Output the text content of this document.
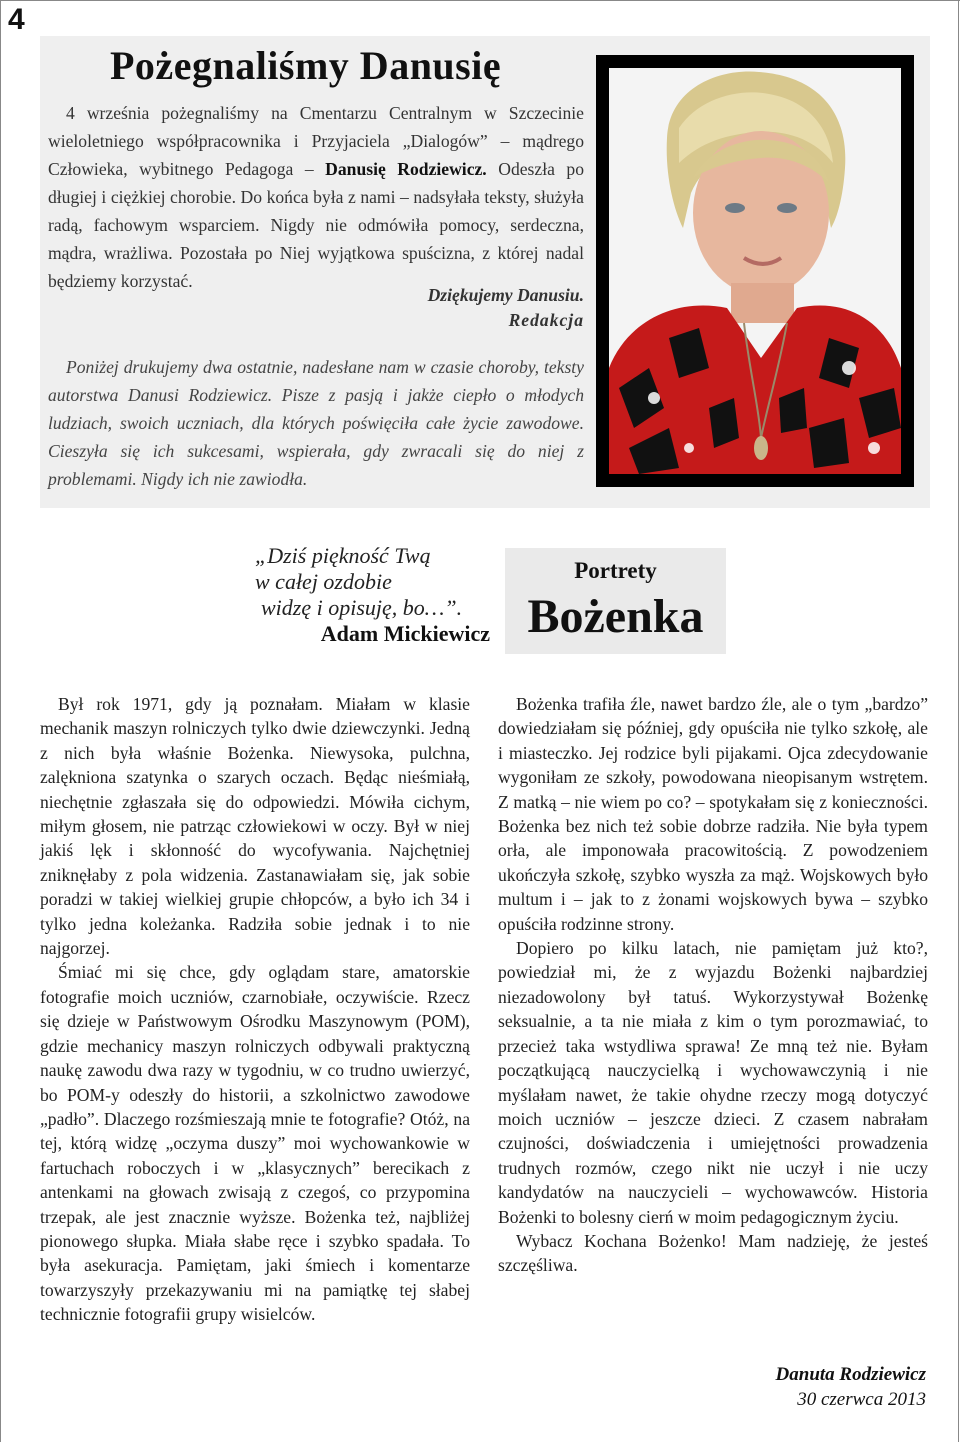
4
Pożegnaliśmy Danusię

4 września pożegnaliśmy na Cmentarzu Centralnym w Szczecinie wieloletniego współpracownika i Przyjaciela „Dialogów” – mądrego Człowieka, wybitnego Pedagoga – Danusię Rodziewicz. Odeszła po długiej i ciężkiej chorobie. Do końca była z nami – nadsyłała teksty, służyła radą, fachowym wsparciem. Nigdy nie odmówiła pomocy, serdeczna, mądra, wrażliwa. Pozostała po Niej wyjątkowa spuścizna, z której nadal będziemy korzystać.

Dziękujemy Danusiu.
Redakcja

Poniżej drukujemy dwa ostatnie, nadesłane nam w czasie choroby, teksty autorstwa Danusi Rodziewicz. Pisze z pasją i jakże ciepło o młodych ludziach, swoich uczniach, dla których poświęciła całe życie zawodowe. Cieszyła się ich sukcesami, wspierała, gdy zwracali się do niej z problemami. Nigdy ich nie zawiodła.

„Dziś piękność Twą
w całej ozdobie
widzę i opisuję, bo…”.
Adam Mickiewicz
Portrety
Bożenka

Był rok 1971, gdy ją poznałam. Miałam w klasie mechanik maszyn rolniczych tylko dwie dziewczynki. Jedną z nich była właśnie Bożenka. Niewysoka, pulchna, zalękniona szatynka o szarych oczach. Będąc nieśmiałą, niechętnie zgłaszała się do odpowiedzi. Mówiła cichym, miłym głosem, nie patrząc człowiekowi w oczy. Był w niej jakiś lęk i skłonność do wycofywania. Najchętniej zniknęłaby z pola widzenia. Zastanawiałam się, jak sobie poradzi w takiej wielkiej grupie chłopców, a było ich 34 i tylko jedna koleżanka. Radziła sobie jednak i to nie najgorzej.

Śmiać mi się chce, gdy oglądam stare, amatorskie fotografie moich uczniów, czarnobiałe, oczywiście. Rzecz się dzieje w Państwowym Ośrodku Maszynowym (POM), gdzie mechanicy maszyn rolniczych odbywali praktyczną naukę zawodu dwa razy w tygodniu, w co trudno uwierzyć, bo POM-y odeszły do historii, a szkolnictwo zawodowe „padło”. Dlaczego rozśmieszają mnie te fotografie? Otóż, na tej, którą widzę „oczyma duszy” moi wychowankowie w fartuchach roboczych i w „klasycznych” berecikach z antenkami na głowach zwisają z czegoś, co przypomina trzepak, ale jest znacznie wyższe. Bożenka też, najbliżej pionowego słupka. Miała słabe ręce i szybko spadała. To była asekuracja. Pamiętam, jaki śmiech i komentarze towarzyszyły przekazywaniu mi na pamiątkę tej słabej technicznie fotografii grupy wisielców.

Bożenka trafiła źle, nawet bardzo źle, ale o tym „bardzo” dowiedziałam się później, gdy opuściła nie tylko szkołę, ale i miasteczko. Jej rodzice byli pijakami. Ojca zdecydowanie wygoniłam ze szkoły, powodowana nieopisanym wstrętem. Z matką – nie wiem po co? – spotykałam się z konieczności. Bożenka bez nich też sobie dobrze radziła. Nie była typem orła, ale imponowała pracowitością. Z powodzeniem ukończyła szkołę, szybko wyszła za mąż. Wojskowych było multum i – jak to z żonami wojskowych bywa – szybko opuściła rodzinne strony.

Dopiero po kilku latach, nie pamiętam już kto?, powiedział mi, że z wyjazdu Bożenki najbardziej niezadowolony był tatuś. Wykorzystywał Bożenkę seksualnie, a ta nie miała z kim o tym porozmawiać, to przecież taka wstydliwa sprawa! Ze mną też nie. Byłam początkującą nauczycielką i wychowawczynią i nie myślałam nawet, że takie ohydne rzeczy mogą dotyczyć moich uczniów – jeszcze dzieci. Z czasem nabrałam czujności, doświadczenia i umiejętności prowadzenia trudnych rozmów, czego nikt nie uczył i nie uczy kandydatów na nauczycieli – wychowawców. Historia Bożenki to bolesny cierń w moim pedagogicznym życiu.

Wybacz Kochana Bożenko! Mam nadzieję, że jesteś szczęśliwa.

Danuta Rodziewicz
30 czerwca 2013
